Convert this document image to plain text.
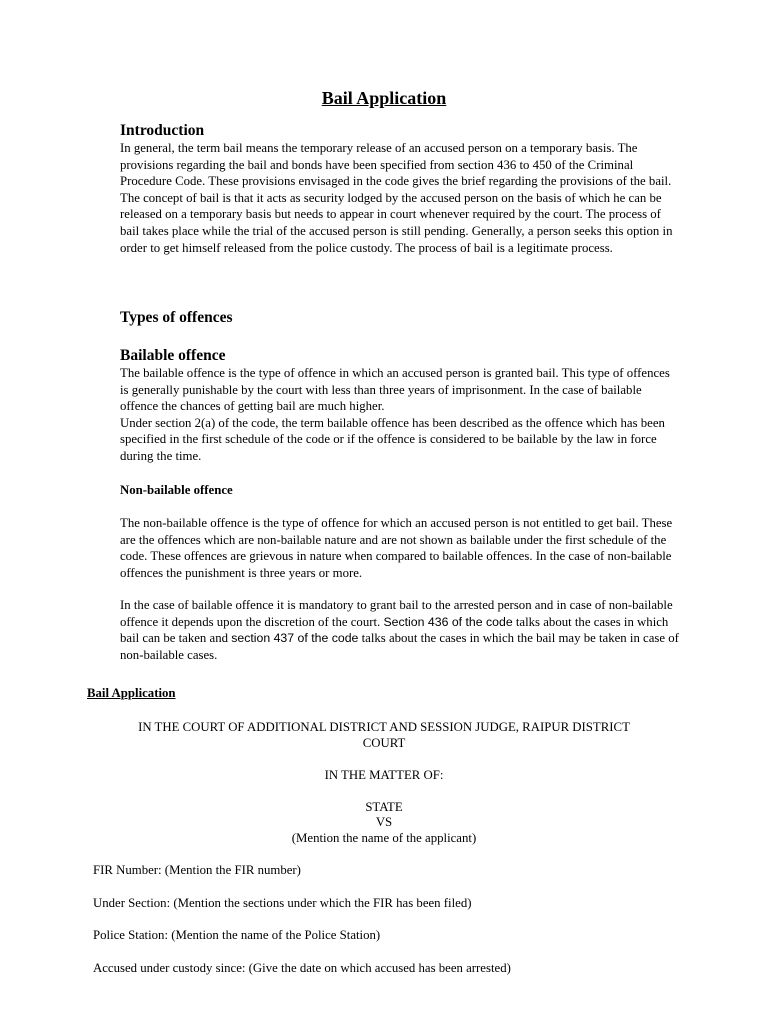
Bail Application
Introduction

In general, the term bail means the temporary release of an accused person on a temporary basis. The provisions regarding the bail and bonds have been specified from section 436 to 450 of the Criminal Procedure Code. These provisions envisaged in the code gives the brief regarding the provisions of the bail.

The concept of bail is that it acts as security lodged by the accused person on the basis of which he can be released on a temporary basis but needs to appear in court whenever required by the court. The process of bail takes place while the trial of the accused person is still pending. Generally, a person seeks this option in order to get himself released from the police custody. The process of bail is a legitimate process.

Types of offences
Bailable offence

The bailable offence is the type of offence in which an accused person is granted bail. This type of offences is generally punishable by the court with less than three years of imprisonment. In the case of bailable offence the chances of getting bail are much higher.

Under section 2(a) of the code, the term bailable offence has been described as the offence which has been specified in the first schedule of the code or if the offence is considered to be bailable by the law in force during the time.

Non-bailable offence

The non-bailable offence is the type of offence for which an accused person is not entitled to get bail. These are the offences which are non-bailable nature and are not shown as bailable under the first schedule of the code. These offences are grievous in nature when compared to bailable offences. In the case of non-bailable offences the punishment is three years or more.

In the case of bailable offence it is mandatory to grant bail to the arrested person and in case of non-bailable offence it depends upon the discretion of the court. Section 436 of the code talks about the cases in which bail can be taken and section 437 of the code talks about the cases in which the bail may be taken in case of non-bailable cases.

Bail Application
IN THE COURT OF ADDITIONAL DISTRICT AND SESSION JUDGE, RAIPUR DISTRICT
COURT
IN THE MATTER OF:
STATE
VS
(Mention the name of the applicant)
FIR Number: (Mention the FIR number)
Under Section: (Mention the sections under which the FIR has been filed)
Police Station: (Mention the name of the Police Station)
Accused under custody since: (Give the date on which accused has been arrested)
